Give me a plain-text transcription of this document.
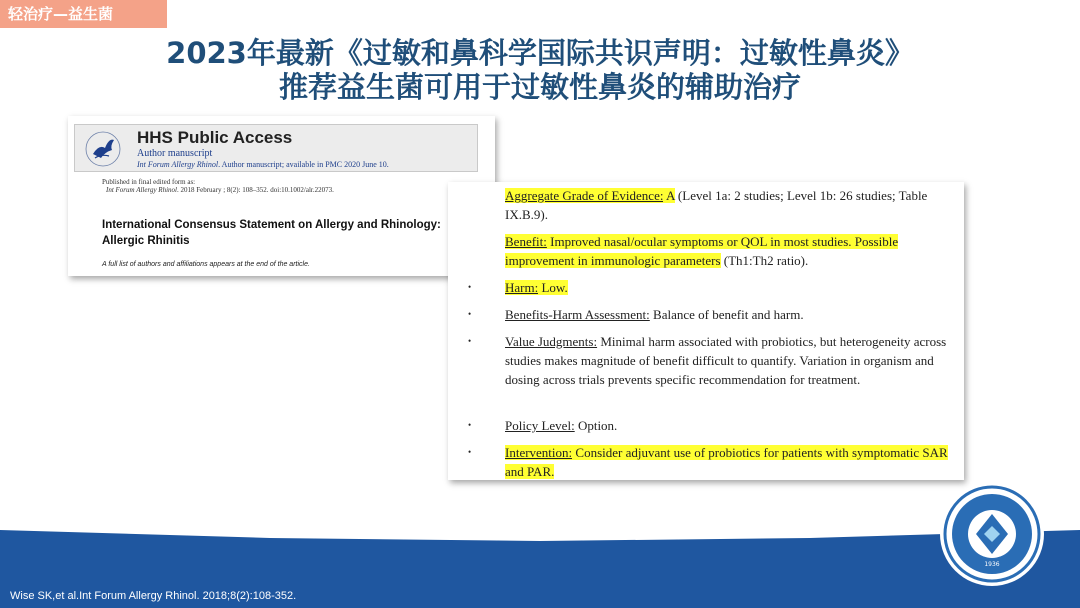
轻治疗—益生菌
2023年最新《过敏和鼻科学国际共识声明：过敏性鼻炎》
推荐益生菌可用于过敏性鼻炎的辅助治疗
HHS Public Access
Author manuscript
Int Forum Allergy Rhinol. Author manuscript; available in PMC 2020 June 10.
Published in final edited form as:
Int Forum Allergy Rhinol. 2018 February ; 8(2): 108–352. doi:10.1002/alr.22073.
International Consensus Statement on Allergy and Rhinology: Allergic Rhinitis
A full list of authors and affiliations appears at the end of the article.
Aggregate Grade of Evidence: A (Level 1a: 2 studies; Level 1b: 26 studies; Table IX.B.9).
Benefit: Improved nasal/ocular symptoms or QOL in most studies. Possible improvement in immunologic parameters (Th1:Th2 ratio).
•	Harm: Low.
•	Benefits-Harm Assessment: Balance of benefit and harm.
•	Value Judgments: Minimal harm associated with probiotics, but heterogeneity across studies makes magnitude of benefit difficult to quantify. Variation in organism and dosing across trials prevents specific recommendation for treatment.
•	Policy Level: Option.
•	Intervention: Consider adjuvant use of probiotics for patients with symptomatic SAR and PAR.
Wise SK,et al.Int Forum Allergy Rhinol. 2018;8(2):108-352.
1936
